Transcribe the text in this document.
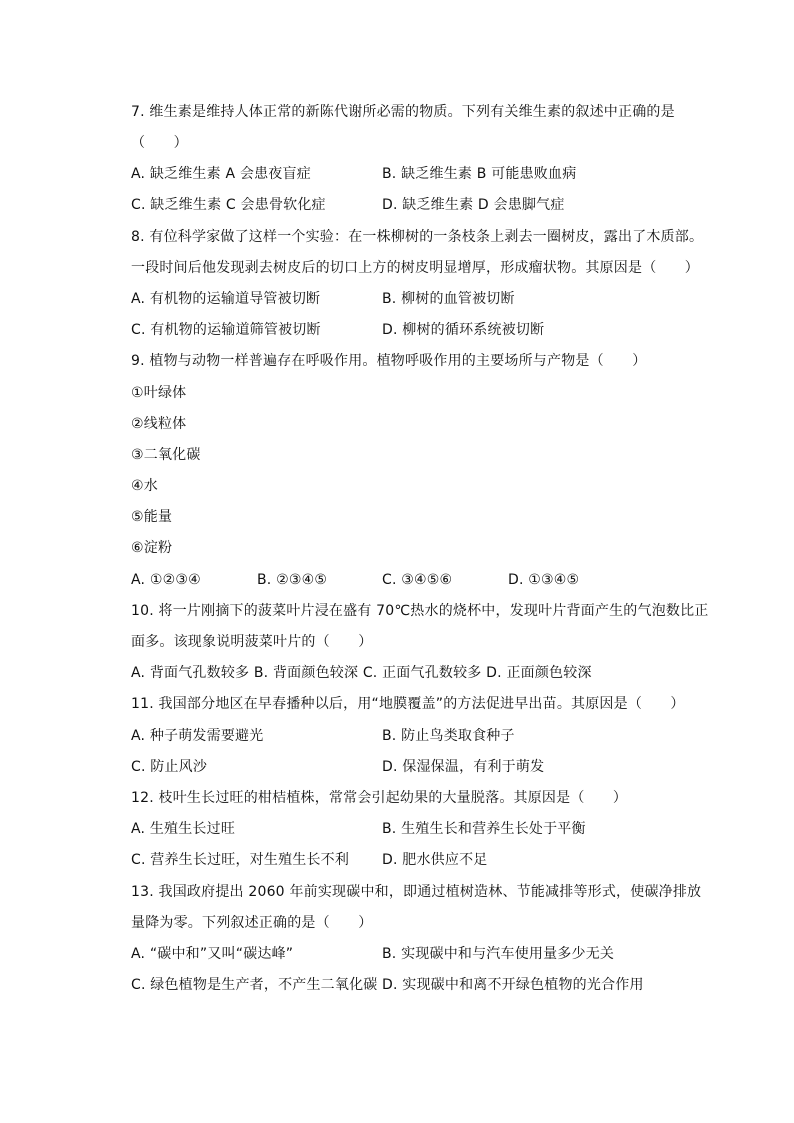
7. 维生素是维持人体正常的新陈代谢所必需的物质。下列有关维生素的叙述中正确的是
（　　）
A. 缺乏维生素 A 会患夜盲症	B. 缺乏维生素 B 可能患败血病
C. 缺乏维生素 C 会患骨软化症	D. 缺乏维生素 D 会患脚气症
8. 有位科学家做了这样一个实验：在一株柳树的一条枝条上剥去一圈树皮，露出了木质部。
一段时间后他发现剥去树皮后的切口上方的树皮明显增厚，形成瘤状物。其原因是（　　）
A. 有机物的运输道导管被切断	B. 柳树的血管被切断
C. 有机物的运输道筛管被切断	D. 柳树的循环系统被切断
9. 植物与动物一样普遍存在呼吸作用。植物呼吸作用的主要场所与产物是（　　）
①叶绿体
②线粒体
③二氧化碳
④水
⑤能量
⑥淀粉
A. ①②③④	B. ②③④⑤	C. ③④⑤⑥	D. ①③④⑤
10. 将一片刚摘下的菠菜叶片浸在盛有 70℃热水的烧杯中，发现叶片背面产生的气泡数比正
面多。该现象说明菠菜叶片的（　　）
A. 背面气孔数较多 B. 背面颜色较深 C. 正面气孔数较多 D. 正面颜色较深
11. 我国部分地区在早春播种以后，用“地膜覆盖”的方法促进早出苗。其原因是（　　）
A. 种子萌发需要避光	B. 防止鸟类取食种子
C. 防止风沙	D. 保湿保温，有利于萌发
12. 枝叶生长过旺的柑桔植株，常常会引起幼果的大量脱落。其原因是（　　）
A. 生殖生长过旺	B. 生殖生长和营养生长处于平衡
C. 营养生长过旺，对生殖生长不利 D. 肥水供应不足
13. 我国政府提出 2060 年前实现碳中和，即通过植树造林、节能减排等形式，使碳净排放
量降为零。下列叙述正确的是（　　）
A. “碳中和”又叫“碳达峰”	B. 实现碳中和与汽车使用量多少无关
C. 绿色植物是生产者，不产生二氧化碳 D. 实现碳中和离不开绿色植物的光合作用
